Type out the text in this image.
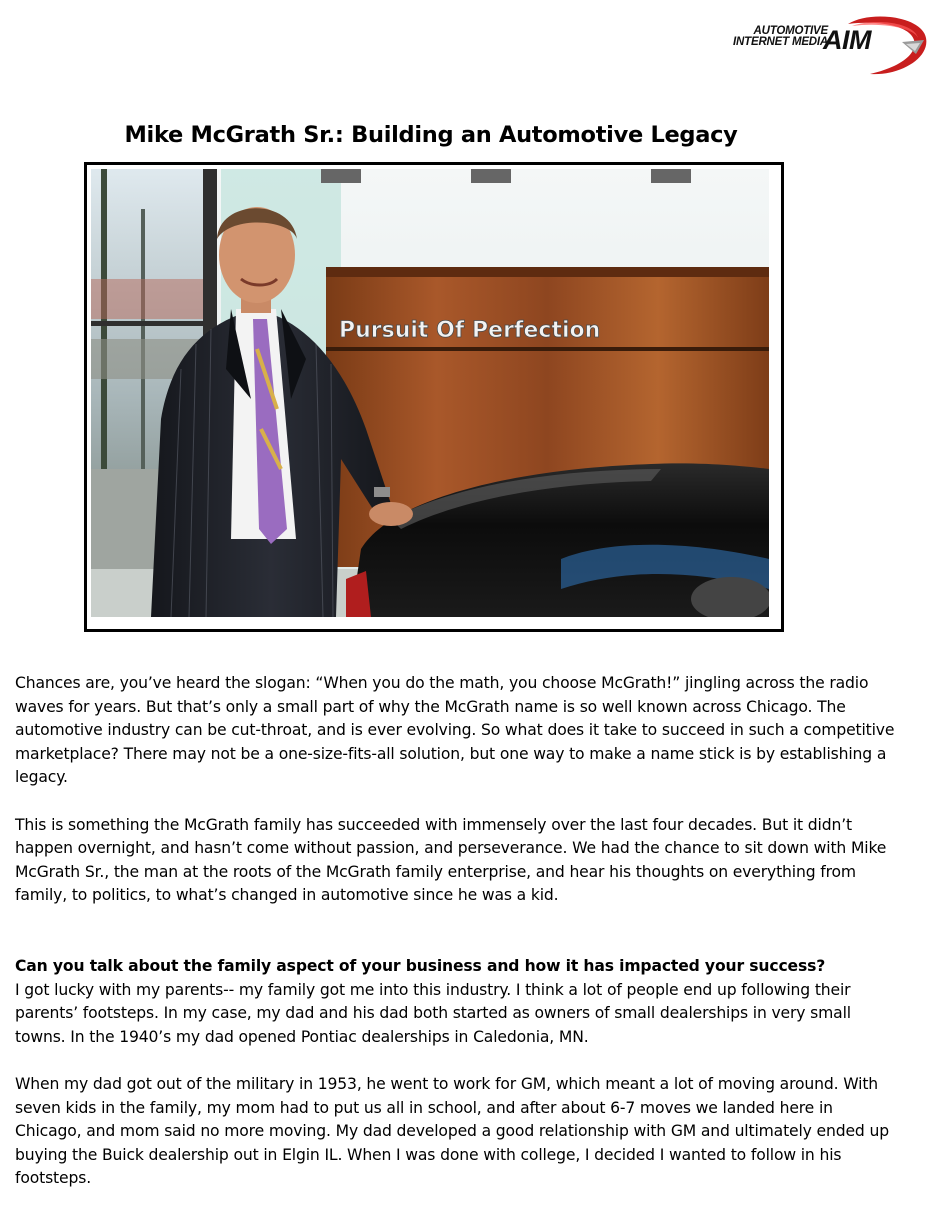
AUTOMOTIVE
INTERNET MEDIA
AIM
Mike McGrath Sr.: Building an Automotive Legacy
Pursuit Of Perfection

Chances are, you’ve heard the slogan: “When you do the math, you choose McGrath!” jingling across the radio waves for years. But that’s only a small part of why the McGrath name is so well known across Chicago. The automotive industry can be cut-throat, and is ever evolving. So what does it take to succeed in such a competitive marketplace? There may not be a one-size-fits-all solution, but one way to make a name stick is by establishing a legacy.

This is something the McGrath family has succeeded with immensely over the last four decades. But it didn’t happen overnight, and hasn’t come without passion, and perseverance. We had the chance to sit down with Mike McGrath Sr., the man at the roots of the McGrath family enterprise, and hear his thoughts on everything from family, to politics, to what’s changed in automotive since he was a kid.

Can you talk about the family aspect of your business and how it has impacted your success?

I got lucky with my parents-- my family got me into this industry. I think a lot of people end up following their parents’ footsteps. In my case, my dad and his dad both started as owners of small dealerships in very small towns. In the 1940’s my dad opened Pontiac dealerships in Caledonia, MN.

When my dad got out of the military in 1953, he went to work for GM, which meant a lot of moving around. With seven kids in the family, my mom had to put us all in school, and after about 6-7 moves we landed here in Chicago, and mom said no more moving. My dad developed a good relationship with GM and ultimately ended up buying the Buick dealership out in Elgin IL. When I was done with college, I decided I wanted to follow in his footsteps.
